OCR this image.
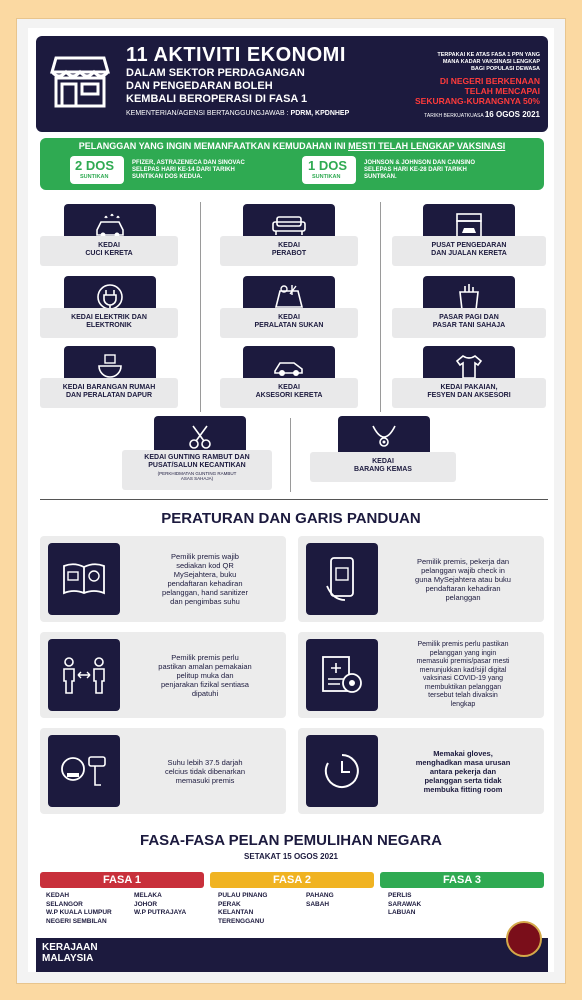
11 AKTIVITI EKONOMI
DALAM SEKTOR PERDAGANGAN
DAN PENGEDARAN BOLEH
KEMBALI BEROPERASI DI FASA 1
KEMENTERIAN/AGENSI BERTANGGUNGJAWAB : PDRM, KPDNHEP
TERPAKAI KE ATAS FASA 1 PPN YANG
MANA KADAR VAKSINASI LENGKAP
BAGI POPULASI DEWASA
DI NEGERI BERKENAAN
TELAH MENCAPAI
SEKURANG-KURANGNYA 50%
TARIKH BERKUATKUASA 16 OGOS 2021
PELANGGAN YANG INGIN MEMANFAATKAN KEMUDAHAN INI MESTI TELAH LENGKAP VAKSINASI
2 DOS
SUNTIKAN
PFIZER, ASTRAZENECA DAN SINOVAC
SELEPAS HARI KE-14 DARI TARIKH
SUNTIKAN DOS KEDUA.
1 DOS
SUNTIKAN
JOHNSON & JOHNSON DAN CANSINO
SELEPAS HARI KE-28 DARI TARIKH
SUNTIKAN.
KEDAI
CUCI KERETA
KEDAI
PERABOT
PUSAT PENGEDARAN
DAN JUALAN KERETA
KEDAI ELEKTRIK DAN
ELEKTRONIK
KEDAI
PERALATAN SUKAN
PASAR PAGI DAN
PASAR TANI SAHAJA
KEDAI BARANGAN RUMAH
DAN PERALATAN DAPUR
KEDAI
AKSESORI KERETA
KEDAI PAKAIAN,
FESYEN DAN AKSESORI
KEDAI GUNTING RAMBUT DAN
PUSAT/SALUN KECANTIKAN
(PERKHIDMATAN GUNTING RAMBUT
ASAS SAHAJA)
KEDAI
BARANG KEMAS
PERATURAN DAN GARIS PANDUAN
Pemilik premis wajib
sediakan kod QR
MySejahtera, buku
pendaftaran kehadiran
pelanggan, hand sanitizer
dan pengimbas suhu
Pemilik premis, pekerja dan
pelanggan wajib check in
guna MySejahtera atau buku
pendaftaran kehadiran
pelanggan
Pemilik premis perlu
pastikan amalan pemakaian
pelitup muka dan
penjarakan fizikal sentiasa
dipatuhi
Pemilik premis perlu pastikan
pelanggan yang ingin
memasuki premis/pasar mesti
menunjukkan kad/sijil digital
vaksinasi COVID-19 yang
membuktikan pelanggan
tersebut telah divaksin
lengkap
Suhu lebih 37.5 darjah
celcius tidak dibenarkan
memasuki premis
Memakai gloves,
menghadkan masa urusan
antara pekerja dan
pelanggan serta tidak
membuka fitting room
FASA-FASA PELAN PEMULIHAN NEGARA
SETAKAT 15 OGOS 2021
FASA 1	FASA 2	FASA 3
KEDAH
SELANGOR
W.P KUALA LUMPUR
NEGERI SEMBILAN
MELAKA
JOHOR
W.P PUTRAJAYA
PULAU PINANG
PERAK
KELANTAN
TERENGGANU
PAHANG
SABAH
PERLIS
SARAWAK
LABUAN
KERAJAAN
MALAYSIA
